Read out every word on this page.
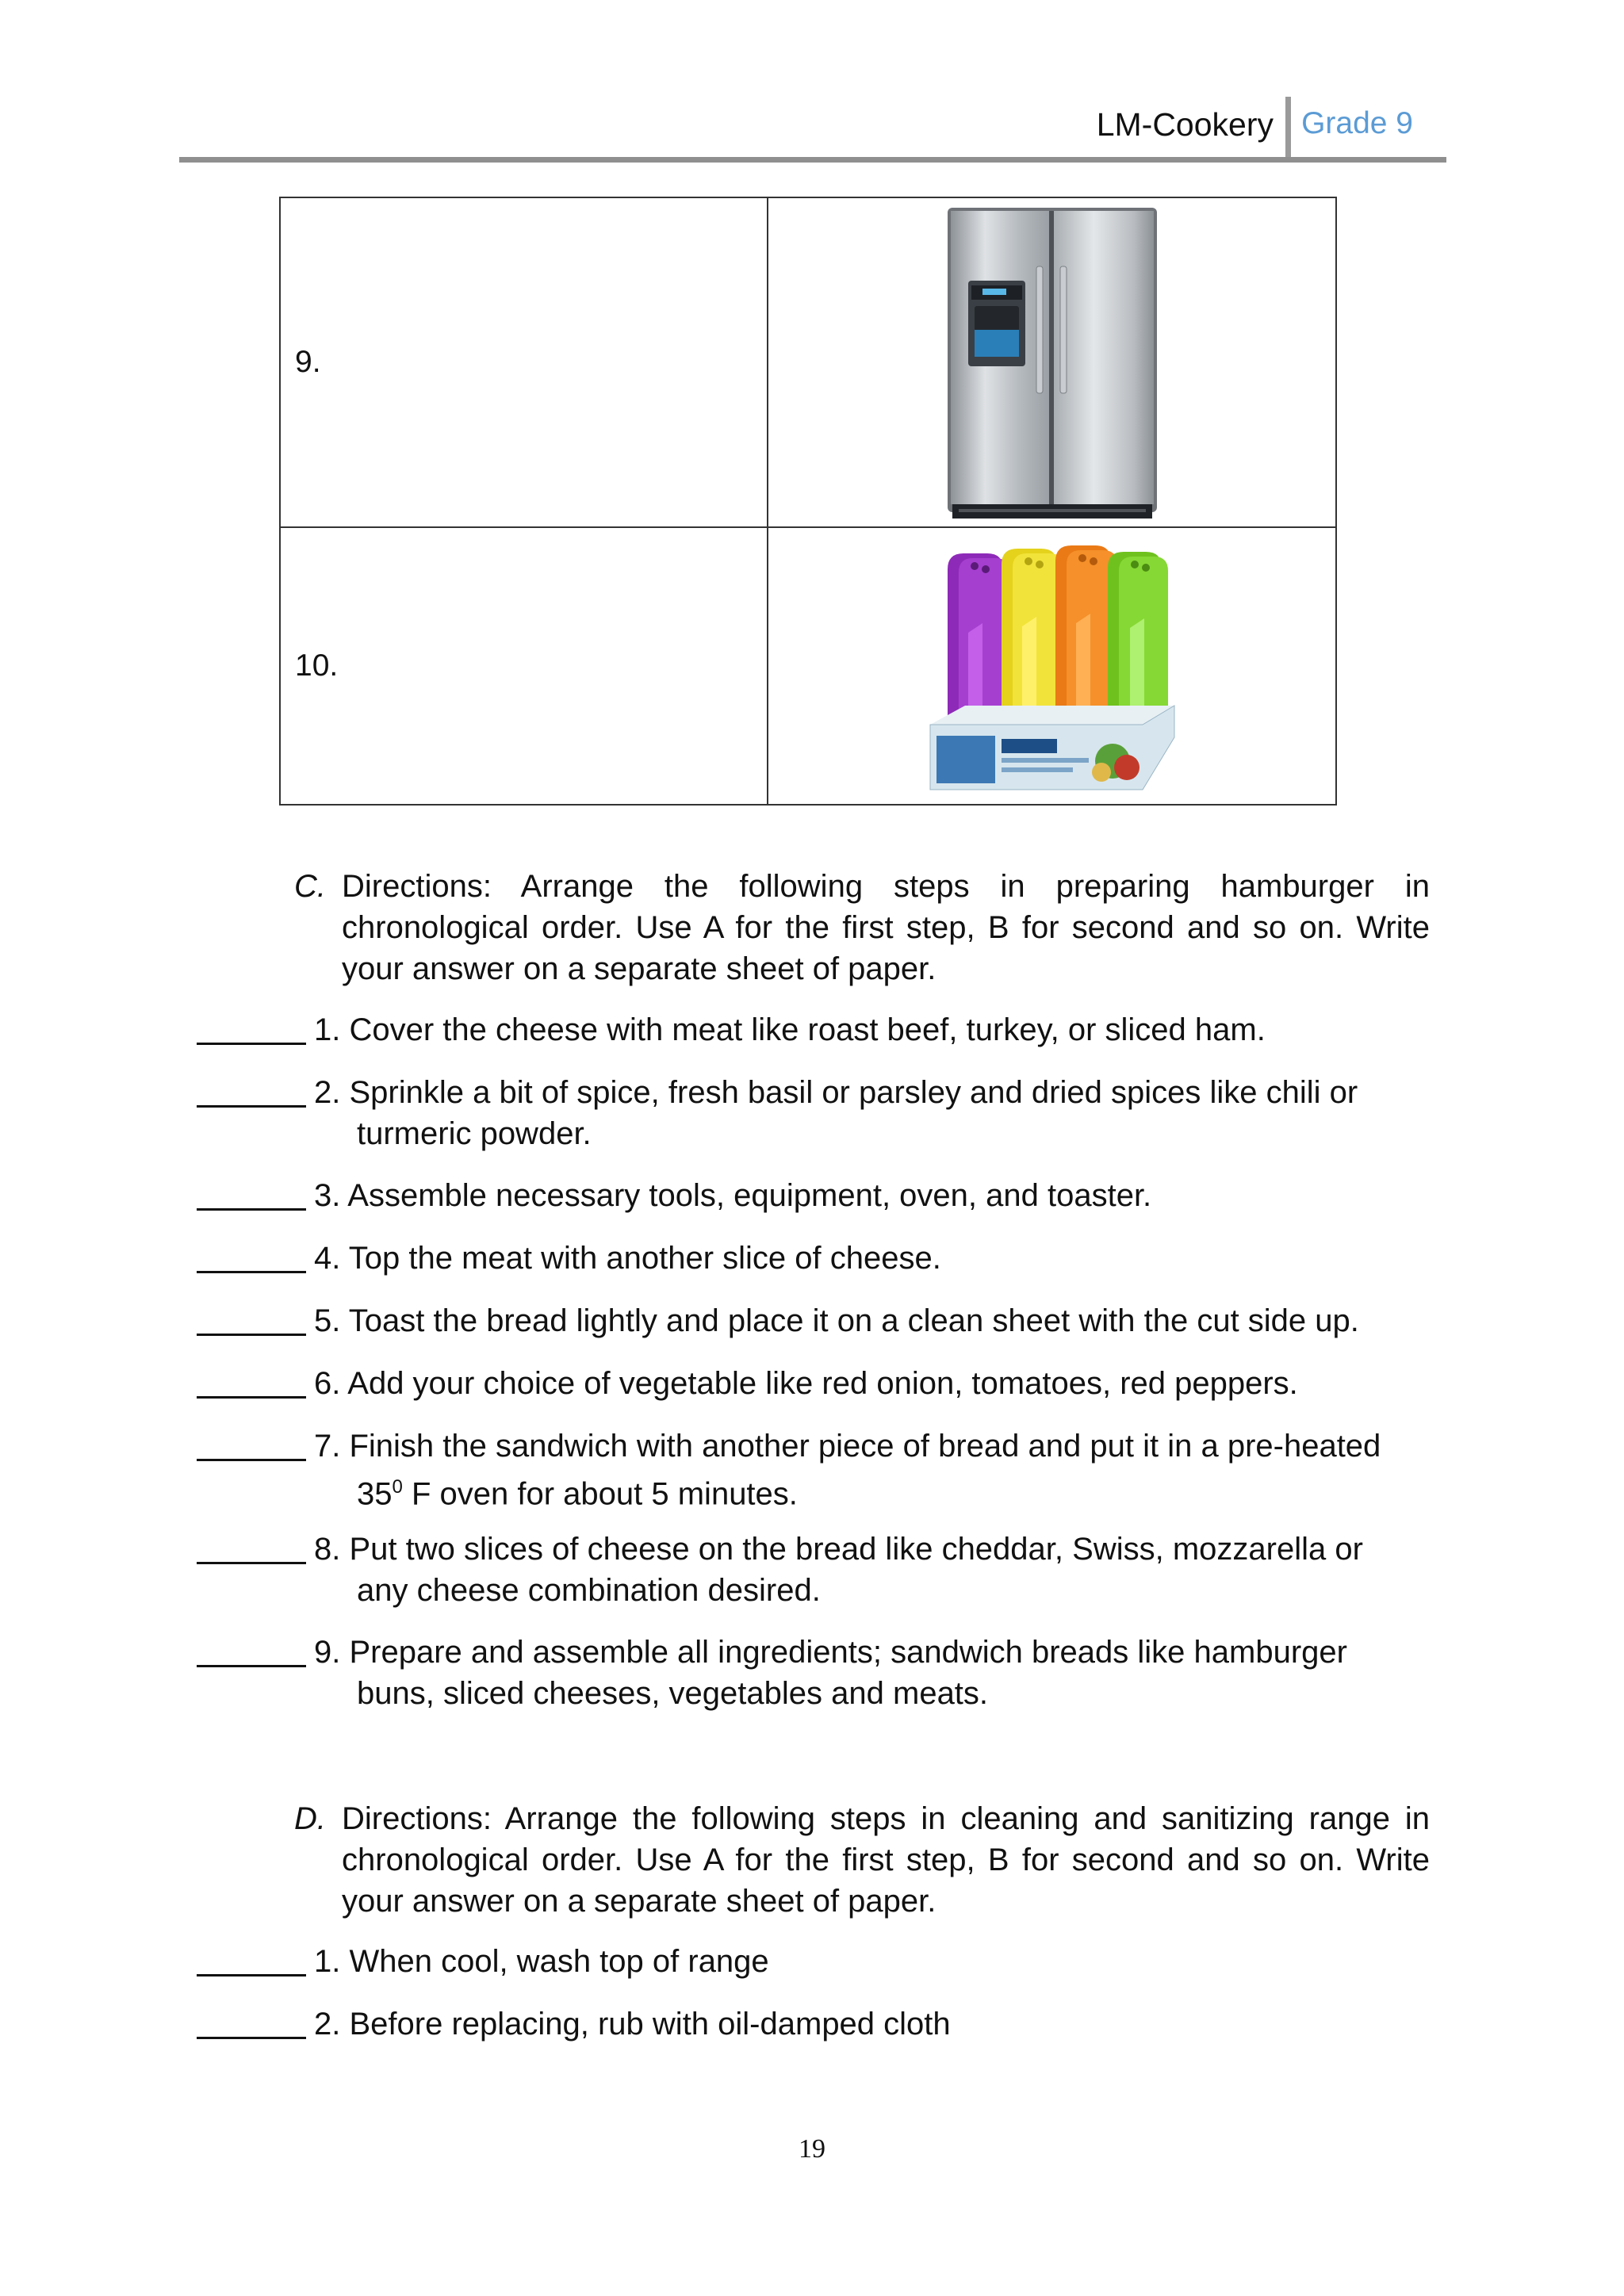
LM-Cookery Grade 9
9.	

10.	
C. Directions: Arrange the following steps in preparing hamburger in chronological order. Use A for the first step, B for second and so on. Write your answer on a separate sheet of paper.
1. Cover the cheese with meat like roast beef, turkey, or sliced ham.
2. Sprinkle a bit of spice, fresh basil or parsley and dried spices like chili or
turmeric powder.
3. Assemble necessary tools, equipment, oven, and toaster.
4. Top the meat with another slice of cheese.
5. Toast the bread lightly and place it on a clean sheet with the cut side up.
6. Add your choice of vegetable like red onion, tomatoes, red peppers.
7. Finish the sandwich with another piece of bread and put it in a pre-heated
$35^0$ F oven for about 5 minutes.
8. Put two slices of cheese on the bread like cheddar, Swiss, mozzarella or
any cheese combination desired.
9. Prepare and assemble all ingredients; sandwich breads like hamburger
buns, sliced cheeses, vegetables and meats.
D. Directions: Arrange the following steps in cleaning and sanitizing range in chronological order. Use A for the first step, B for second and so on. Write your answer on a separate sheet of paper.
1. When cool, wash top of range
2. Before replacing, rub with oil-damped cloth
19
